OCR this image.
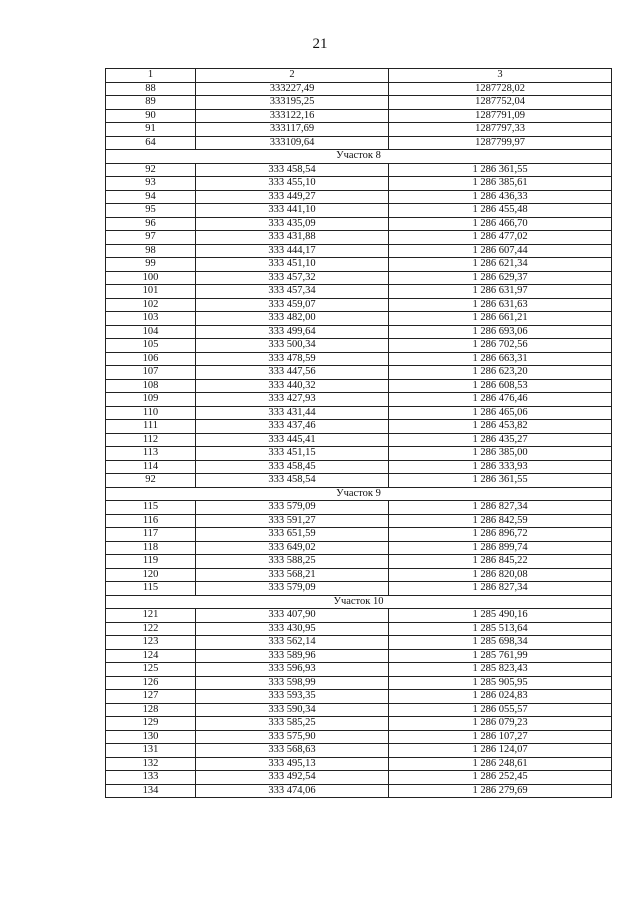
21
1	2	3
88	333227,49	1287728,02
89	333195,25	1287752,04
90	333122,16	1287791,09
91	333117,69	1287797,33
64	333109,64	1287799,97
Участок 8		
92	333 458,54	1 286 361,55
93	333 455,10	1 286 385,61
94	333 449,27	1 286 436,33
95	333 441,10	1 286 455,48
96	333 435,09	1 286 466,70
97	333 431,88	1 286 477,02
98	333 444,17	1 286 607,44
99	333 451,10	1 286 621,34
100	333 457,32	1 286 629,37
101	333 457,34	1 286 631,97
102	333 459,07	1 286 631,63
103	333 482,00	1 286 661,21
104	333 499,64	1 286 693,06
105	333 500,34	1 286 702,56
106	333 478,59	1 286 663,31
107	333 447,56	1 286 623,20
108	333 440,32	1 286 608,53
109	333 427,93	1 286 476,46
110	333 431,44	1 286 465,06
111	333 437,46	1 286 453,82
112	333 445,41	1 286 435,27
113	333 451,15	1 286 385,00
114	333 458,45	1 286 333,93
92	333 458,54	1 286 361,55
Участок 9		
115	333 579,09	1 286 827,34
116	333 591,27	1 286 842,59
117	333 651,59	1 286 896,72
118	333 649,02	1 286 899,74
119	333 588,25	1 286 845,22
120	333 568,21	1 286 820,08
115	333 579,09	1 286 827,34
Участок 10		
121	333 407,90	1 285 490,16
122	333 430,95	1 285 513,64
123	333 562,14	1 285 698,34
124	333 589,96	1 285 761,99
125	333 596,93	1 285 823,43
126	333 598,99	1 285 905,95
127	333 593,35	1 286 024,83
128	333 590,34	1 286 055,57
129	333 585,25	1 286 079,23
130	333 575,90	1 286 107,27
131	333 568,63	1 286 124,07
132	333 495,13	1 286 248,61
133	333 492,54	1 286 252,45
134	333 474,06	1 286 279,69
